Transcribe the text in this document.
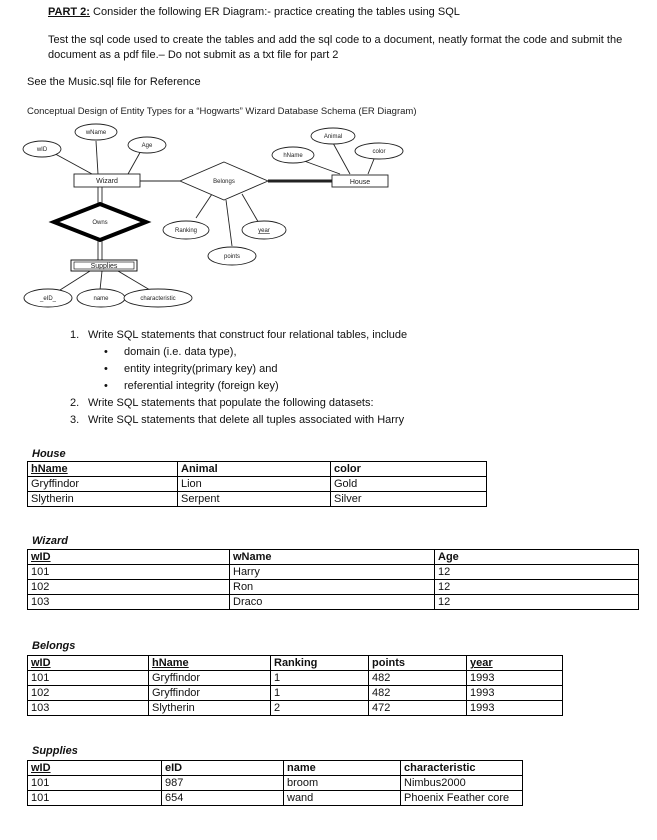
PART 2: Consider the following ER Diagram:- practice creating the tables using SQL
Test the sql code used to create the tables and add the sql code to a document, neatly format the code and submit the document as a pdf file.– Do not submit as a txt file for part 2
See the Music.sql file for Reference
Conceptual Design of Entity Types for a “Hogwarts” Wizard Database Schema (ER Diagram)
wID
wName
Age
Animal
hName
color
Ranking	year
points
_eID_	name	characteristic
Belongs
Owns
Wizard	House
Supplies
1. Write SQL statements that construct four relational tables, include
• domain (i.e. data type),
• entity integrity(primary key) and
• referential integrity (foreign key)
2. Write SQL statements that populate the following datasets:
3. Write SQL statements that delete all tuples associated with Harry
House
hName	Animal	color
Gryffindor	Lion	Gold
Slytherin	Serpent	Silver
Wizard
wID	wName	Age
101	Harry	12
102	Ron	12
103	Draco	12
Belongs
wID	hName	Ranking	points	year
101	Gryffindor	1	482	1993
102	Gryffindor	1	482	1993
103	Slytherin	2	472	1993
Supplies
wID	eID	name	characteristic
101	987	broom	Nimbus2000
101	654	wand	Phoenix Feather core
